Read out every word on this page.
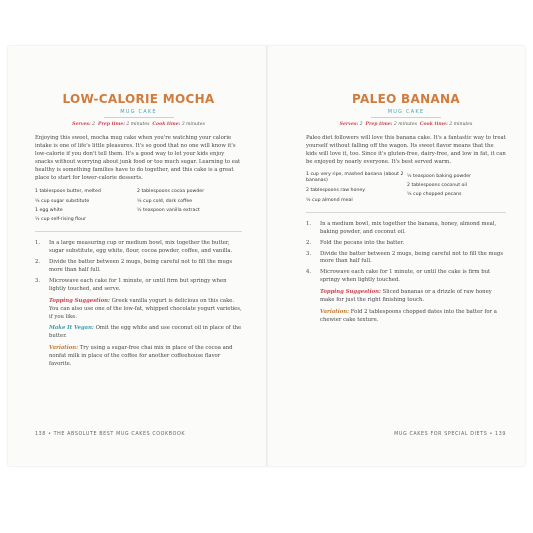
LOW-CALORIE MOCHA
MUG CAKE
Serves: 2 Prep time: 2 minutes Cook time: 3 minutes
Enjoying this sweet, mocha mug cake when you're watching your calorie intake is one of life's little pleasures. It's so good that no one will know it's low-calorie if you don't tell them. It's a good way to let your kids enjoy snacks without worrying about junk food or too much sugar. Learning to eat healthy is something families have to do together, and this cake is a great place to start for lower-calorie desserts.
1 tablespoon butter, melted
¼ cup sugar substitute
1 egg white
½ cup self-rising flour
2 tablespoons cocoa powder
¼ cup cold, dark coffee
½ teaspoon vanilla extract
1.	In a large measuring cup or medium bowl, mix together the butter, sugar substitute, egg white, flour, cocoa powder, coffee, and vanilla.
2.	Divide the batter between 2 mugs, being careful not to fill the mugs more than half full.
3.	Microwave each cake for 1 minute, or until firm but springy when lightly touched, and serve.
Topping Suggestion: Greek vanilla yogurt is delicious on this cake. You can also use one of the low-fat, whipped chocolate yogurt varieties, if you like.
Make It Vegan: Omit the egg white and use coconut oil in place of the butter.
Variation: Try using a sugar-free chai mix in place of the cocoa and nonfat milk in place of the coffee for another coffeehouse flavor favorite.
138 • THE ABSOLUTE BEST MUG CAKES COOKBOOK
PALEO BANANA
MUG CAKE
Serves: 2 Prep time: 2 minutes Cook time: 2 minutes
Paleo diet followers will love this banana cake. It's a fantastic way to treat yourself without falling off the wagon. Its sweet flavor means that the kids will love it, too. Since it's gluten-free, dairy-free, and low in fat, it can be enjoyed by nearly everyone. It's best served warm.
1 cup very ripe, mashed banana (about 2 bananas)
2 tablespoons raw honey
½ cup almond meal
½ teaspoon baking powder
2 tablespoons coconut oil
¼ cup chopped pecans
1.	In a medium bowl, mix together the banana, honey, almond meal, baking powder, and coconut oil.
2.	Fold the pecans into the batter.
3.	Divide the batter between 2 mugs, being careful not to fill the mugs more than half full.
4.	Microwave each cake for 1 minute, or until the cake is firm but springy when lightly touched.
Topping Suggestion: Sliced bananas or a drizzle of raw honey make for just the right finishing touch.
Variation: Fold 2 tablespoons chopped dates into the batter for a chewier cake texture.
MUG CAKES FOR SPECIAL DIETS • 139
